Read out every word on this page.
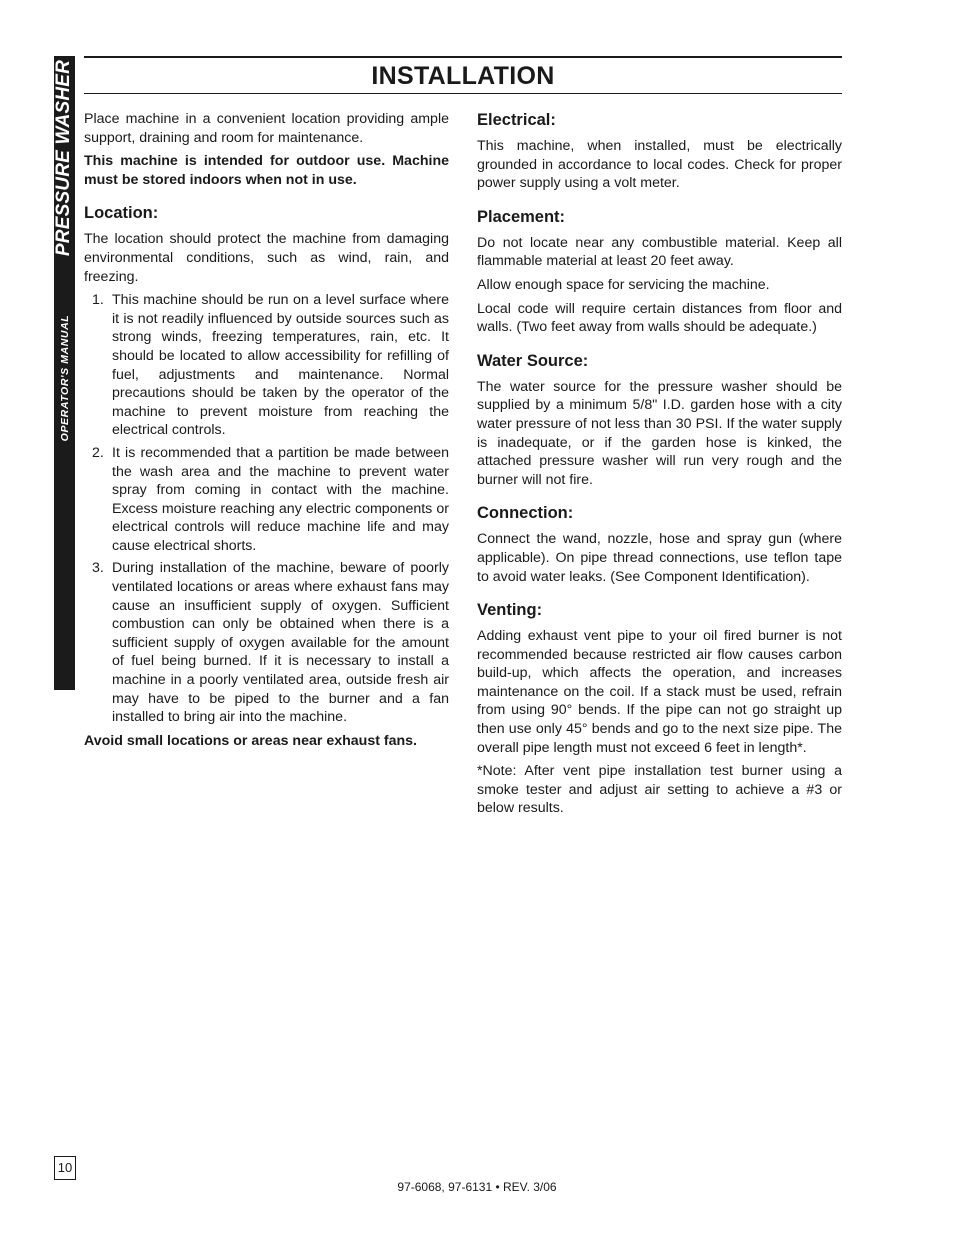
PRESSURE WASHER
OPERATOR'S MANUAL
INSTALLATION

Place machine in a convenient location providing ample support, draining and room for maintenance.

This machine is intended for outdoor use. Machine must be stored indoors when not in use.

Location:

The location should protect the machine from damaging environmental conditions, such as wind, rain, and freezing.

1. This machine should be run on a level surface where it is not readily influenced by outside sources such as strong winds, freezing temperatures, rain, etc. It should be located to allow accessibility for refilling of fuel, adjustments and maintenance. Normal precautions should be taken by the operator of the machine to prevent moisture from reaching the electrical controls.
2. It is recommended that a partition be made between the wash area and the machine to prevent water spray from coming in contact with the machine. Excess moisture reaching any electric components or electrical controls will reduce machine life and may cause electrical shorts.
3. During installation of the machine, beware of poorly ventilated locations or areas where exhaust fans may cause an insufficient supply of oxygen. Sufficient combustion can only be obtained when there is a sufficient supply of oxygen available for the amount of fuel being burned. If it is necessary to install a machine in a poorly ventilated area, outside fresh air may have to be piped to the burner and a fan installed to bring air into the machine.

Avoid small locations or areas near exhaust fans.

Electrical:

This machine, when installed, must be electrically grounded in accordance to local codes. Check for proper power supply using a volt meter.

Placement:

Do not locate near any combustible material. Keep all flammable material at least 20 feet away.

Allow enough space for servicing the machine.

Local code will require certain distances from floor and walls. (Two feet away from walls should be adequate.)

Water Source:

The water source for the pressure washer should be supplied by a minimum 5/8" I.D. garden hose with a city water pressure of not less than 30 PSI. If the water supply is inadequate, or if the garden hose is kinked, the attached pressure washer will run very rough and the burner will not fire.

Connection:

Connect the wand, nozzle, hose and spray gun (where applicable). On pipe thread connections, use teflon tape to avoid water leaks. (See Component Identification).

Venting:

Adding exhaust vent pipe to your oil fired burner is not recommended because restricted air flow causes carbon build-up, which affects the operation, and increases maintenance on the coil. If a stack must be used, refrain from using 90° bends. If the pipe can not go straight up then use only 45° bends and go to the next size pipe. The overall pipe length must not exceed 6 feet in length*.

*Note: After vent pipe installation test burner using a smoke tester and adjust air setting to achieve a #3 or below results.

10
97-6068, 97-6131 • REV. 3/06
